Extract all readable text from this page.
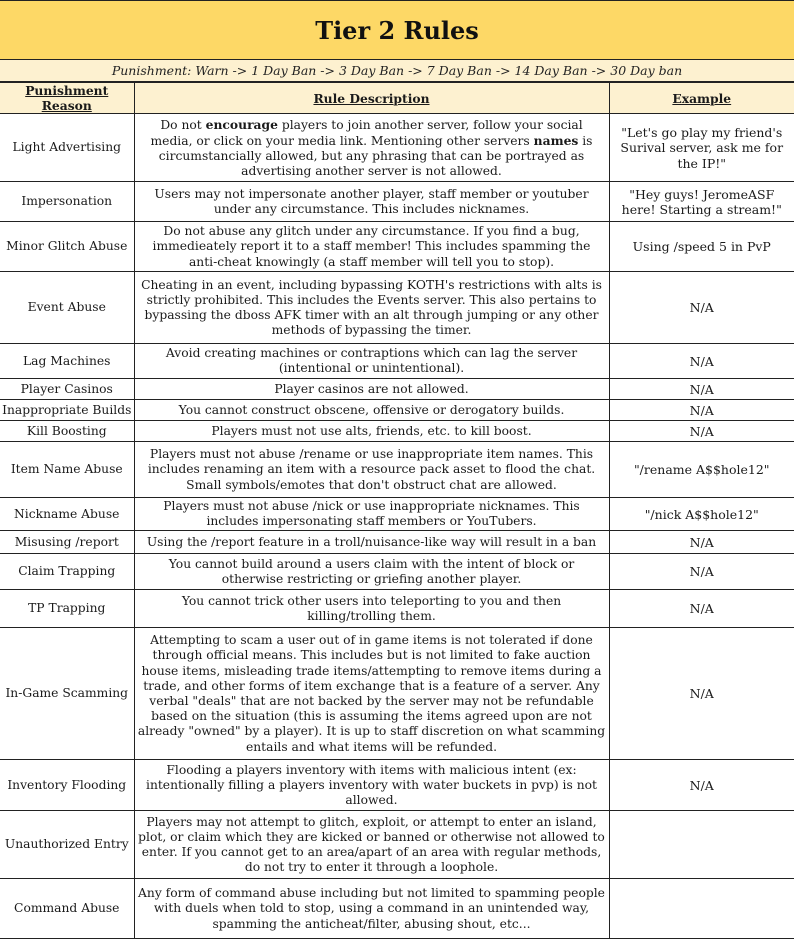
Tier 2 Rules
Punishment: Warn -> 1 Day Ban -> 3 Day Ban -> 7 Day Ban -> 14 Day Ban -> 30 Day ban
Punishment Reason	Rule Description	Example
Light Advertising	Do not encourage players to join another server, follow your social media, or click on your media link. Mentioning other servers names is circumstancially allowed, but any phrasing that can be portrayed as advertising another server is not allowed.	"Let's go play my friend's Surival server, ask me for the IP!"
Impersonation	Users may not impersonate another player, staff member or youtuber under any circumstance. This includes nicknames.	"Hey guys! JeromeASF here! Starting a stream!"
Minor Glitch Abuse	Do not abuse any glitch under any circumstance. If you find a bug, immedieately report it to a staff member! This includes spamming the anti-cheat knowingly (a staff member will tell you to stop).	Using /speed 5 in PvP
Event Abuse	Cheating in an event, including bypassing KOTH's restrictions with alts is strictly prohibited. This includes the Events server. This also pertains to bypassing the dboss AFK timer with an alt through jumping or any other methods of bypassing the timer.	N/A
Lag Machines	Avoid creating machines or contraptions which can lag the server (intentional or unintentional).	N/A
Player Casinos	Player casinos are not allowed.	N/A
Inappropriate Builds	You cannot construct obscene, offensive or derogatory builds.	N/A
Kill Boosting	Players must not use alts, friends, etc. to kill boost.	N/A
Item Name Abuse	Players must not abuse /rename or use inappropriate item names. This includes renaming an item with a resource pack asset to flood the chat. Small symbols/emotes that don't obstruct chat are allowed.	"/rename A$$hole12"
Nickname Abuse	Players must not abuse /nick or use inappropriate nicknames. This includes impersonating staff members or YouTubers.	"/nick A$$hole12"
Misusing /report	Using the /report feature in a troll/nuisance-like way will result in a ban	N/A
Claim Trapping	You cannot build around a users claim with the intent of block or otherwise restricting or griefing another player.	N/A
TP Trapping	You cannot trick other users into teleporting to you and then killing/trolling them.	N/A
In-Game Scamming	Attempting to scam a user out of in game items is not tolerated if done through official means. This includes but is not limited to fake auction house items, misleading trade items/attempting to remove items during a trade, and other forms of item exchange that is a feature of a server. Any verbal "deals" that are not backed by the server may not be refundable based on the situation (this is assuming the items agreed upon are not already "owned" by a player). It is up to staff discretion on what scamming entails and what items will be refunded.	N/A
Inventory Flooding	Flooding a players inventory with items with malicious intent (ex: intentionally filling a players inventory with water buckets in pvp) is not allowed.	N/A
Unauthorized Entry	Players may not attempt to glitch, exploit, or attempt to enter an island, plot, or claim which they are kicked or banned or otherwise not allowed to enter. If you cannot get to an area/apart of an area with regular methods, do not try to enter it through a loophole.	
Command Abuse	Any form of command abuse including but not limited to spamming people with duels when told to stop, using a command in an unintended way, spamming the anticheat/filter, abusing shout, etc...	
